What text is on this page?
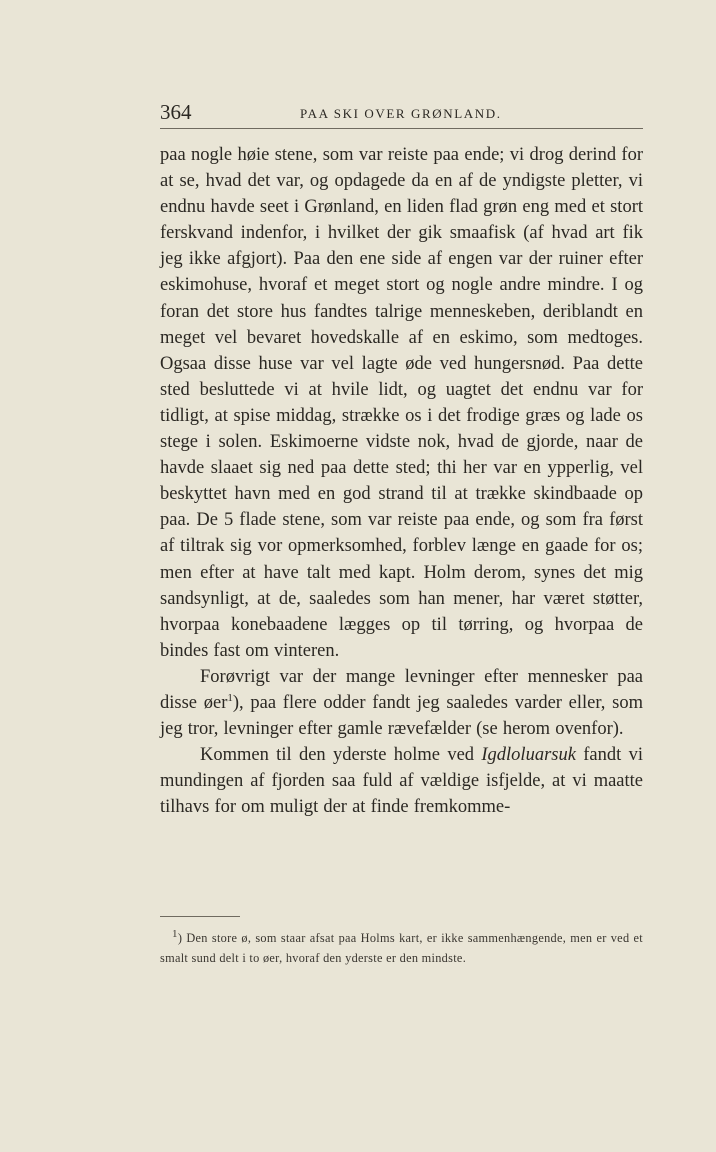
364	PAA SKI OVER GRØNLAND.

paa nogle høie stene, som var reiste paa ende; vi drog derind for at se, hvad det var, og opdagede da en af de yndigste pletter, vi endnu havde seet i Grønland, en liden flad grøn eng med et stort ferskvand indenfor, i hvilket der gik smaafisk (af hvad art fik jeg ikke afgjort). Paa den ene side af engen var der ruiner efter eskimohuse, hvoraf et meget stort og nogle andre mindre. I og foran det store hus fandtes talrige menneskeben, deriblandt en meget vel bevaret hovedskalle af en eskimo, som medtoges. Ogsaa disse huse var vel lagte øde ved hungersnød. Paa dette sted besluttede vi at hvile lidt, og uagtet det endnu var for tidligt, at spise middag, strække os i det frodige græs og lade os stege i solen. Eskimoerne vidste nok, hvad de gjorde, naar de havde slaaet sig ned paa dette sted; thi her var en ypperlig, vel beskyttet havn med en god strand til at trække skindbaade op paa. De 5 flade stene, som var reiste paa ende, og som fra først af tiltrak sig vor opmerksomhed, forblev længe en gaade for os; men efter at have talt med kapt. Holm derom, synes det mig sandsynligt, at de, saaledes som han mener, har været støtter, hvorpaa konebaadene lægges op til tørring, og hvorpaa de bindes fast om vinteren.

Forøvrigt var der mange levninger efter mennesker paa disse øer$^1$), paa flere odder fandt jeg saaledes varder eller, som jeg tror, levninger efter gamle rævefælder (se herom ovenfor).

Kommen til den yderste holme ved Igdloluarsuk fandt vi mundingen af fjorden saa fuld af vældige isfjelde, at vi maatte tilhavs for om muligt der at finde fremkomme-

$^1$) Den store ø, som staar afsat paa Holms kart, er ikke sammenhængende, men er ved et smalt sund delt i to øer, hvoraf den yderste er den mindste.
